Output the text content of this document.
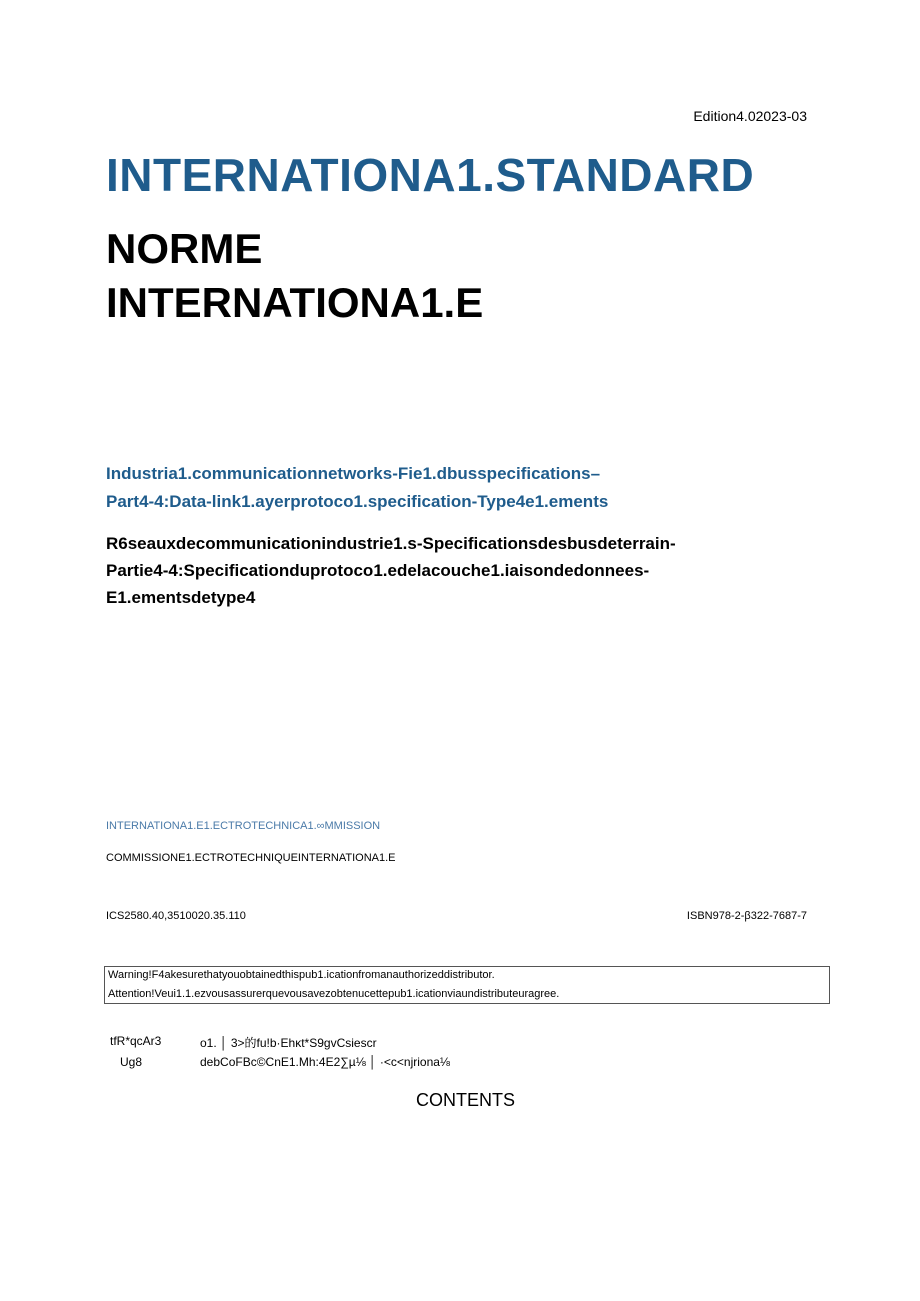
Edition4.02023-03
INTERNATIONA1.STANDARD
NORME
INTERNATIONA1.E
Industria1.communicationnetworks-Fie1.dbusspecifications–
Part4-4:Data-link1.ayerprotoco1.specification-Type4e1.ements
R6seauxdecommunicationindustrie1.s-Specificationsdesbusdeterrain-
Partie4-4:Specificationduprotoco1.edelacouche1.iaisondedonnees-
E1.ementsdetype4
INTERNATIONA1.E1.ECTROTECHNICA1.∞MMISSION
COMMISSIONE1.ECTROTECHNIQUEINTERNATIONA1.E
ICS2580.40,3510020.35.110	ISBN978-2-β322-7687-7
Warning!F4akesurethatyouobtainedthispub1.icationfromanauthorizeddistributor.
Attention!Veui1.1.ezvousassurerquevousavezobtenucettepub1.icationviaundistributeuragree.
tfR*qcAr3
Ug8
o1. │ 3>的fu!b·Ehκt*S9gvCsiescr
debCoFBc©CnE1.Mh:4E2∑µ⅛ │ ·<c<njriona⅛
CONTENTS
